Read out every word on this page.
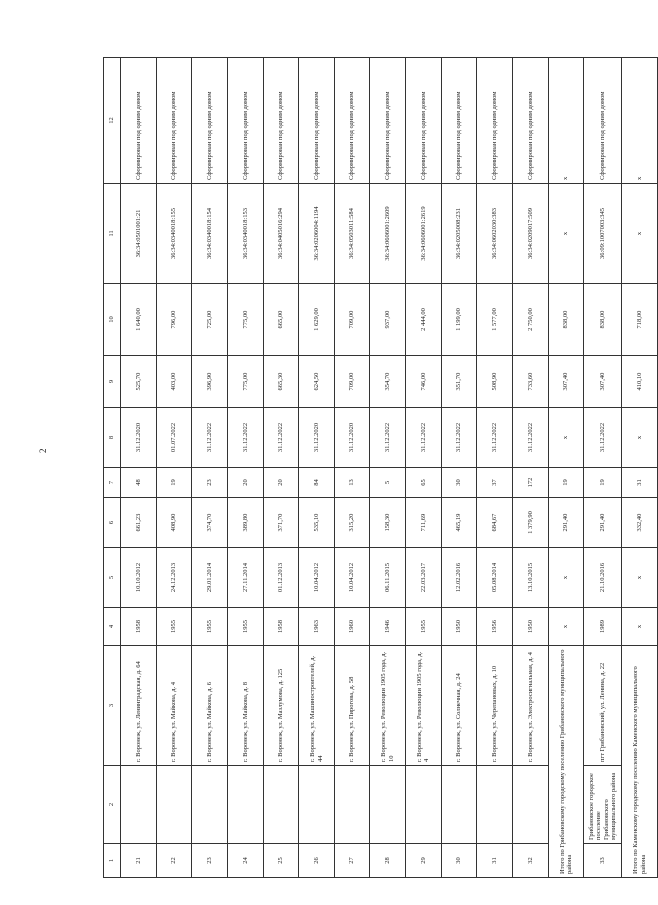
2
1	2	3	4	5	6	7	8	9	10	11	12
21		г. Воронеж, ул. Ленинградская, д. 64	1958	10.10.2012	661,23	48	31.12.2020	525,70	1 640,00	36:34:0501001:21	Сформирован под одним домом
22		г. Воронеж, ул. Майкова, д. 4	1955	24.12.2013	408,90	19	01.07.2022	403,00	796,00	36:34:0340018:155	Сформирован под одним домом
23		г. Воронеж, ул. Майкова, д. 6	1955	29.01.2014	374,70	23	31.12.2022	396,90	725,00	36:34:0340018:154	Сформирован под одним домом
24		г. Воронеж, ул. Майкова, д. 8	1955	27.11.2014	389,80	20	31.12.2022	775,00	775,00	36:34:0340018:153	Сформирован под одним домом
25		г. Воронеж, ул. Мазлумова, д. 125	1958	01.12.2013	371,70	20	31.12.2022	665,30	665,00	36:34:0405016:294	Сформирован под одним домом
26		г. Воронеж, ул. Машиностроителей, д. 44	1963	10.04.2012	535,10	84	31.12.2020	624,50	1 629,00	36:34:0206004:1194	Сформирован под одним домом
27		г. Воронеж, ул. Пирогова, д. 58	1960	10.04.2012	315,20	13	31.12.2020	709,00	709,00	36:34:0503011:584	Сформирован под одним домом
28		г. Воронеж, ул. Революции 1905 года, д. 10	1946	06.11.2015	158,30	5	31.12.2022	354,70	937,00	36:34:0606001:2609	Сформирован под одним домом
29		г. Воронеж, ул. Революции 1905 года, д. 4	1955	22.03.2017	711,69	65	31.12.2022	746,00	2 444,00	36:34:0606001:2619	Сформирован под одним домом
30		г. Воронеж, ул. Солнечная, д. 24	1950	12.02.2016	465,19	30	31.12.2022	351,70	1 199,00	36:34:0205008:231	Сформирован под одним домом
31		г. Воронеж, ул. Черепановых, д. 10	1956	05.08.2014	684,67	37	31.12.2022	508,90	1 577,00	36:34:0602030:383	Сформирован под одним домом
32		г. Воронеж, ул. Электросигнальная, д. 4	1950	13.10.2015	1 379,90	172	31.12.2022	733,60	2 750,00	36:34:0209017:509	Сформирован под одним домом
Итого по Грибановскому городскому поселению Грибановского муниципального района			х	х	291,40	19	х	307,40	838,00	х	х
33	Грибановское городское поселение Грибановского муниципального района	пгт Грибановский, ул. Ленина, д. 22	1989	21.10.2016	291,40	19	31.12.2022	307,40	838,00	36:09:1007003:345	Сформирован под одним домом
Итого по Каменскому городскому поселению Каменского муниципального района			х	х	332,40	31	х	410,10	718,00	х	х
